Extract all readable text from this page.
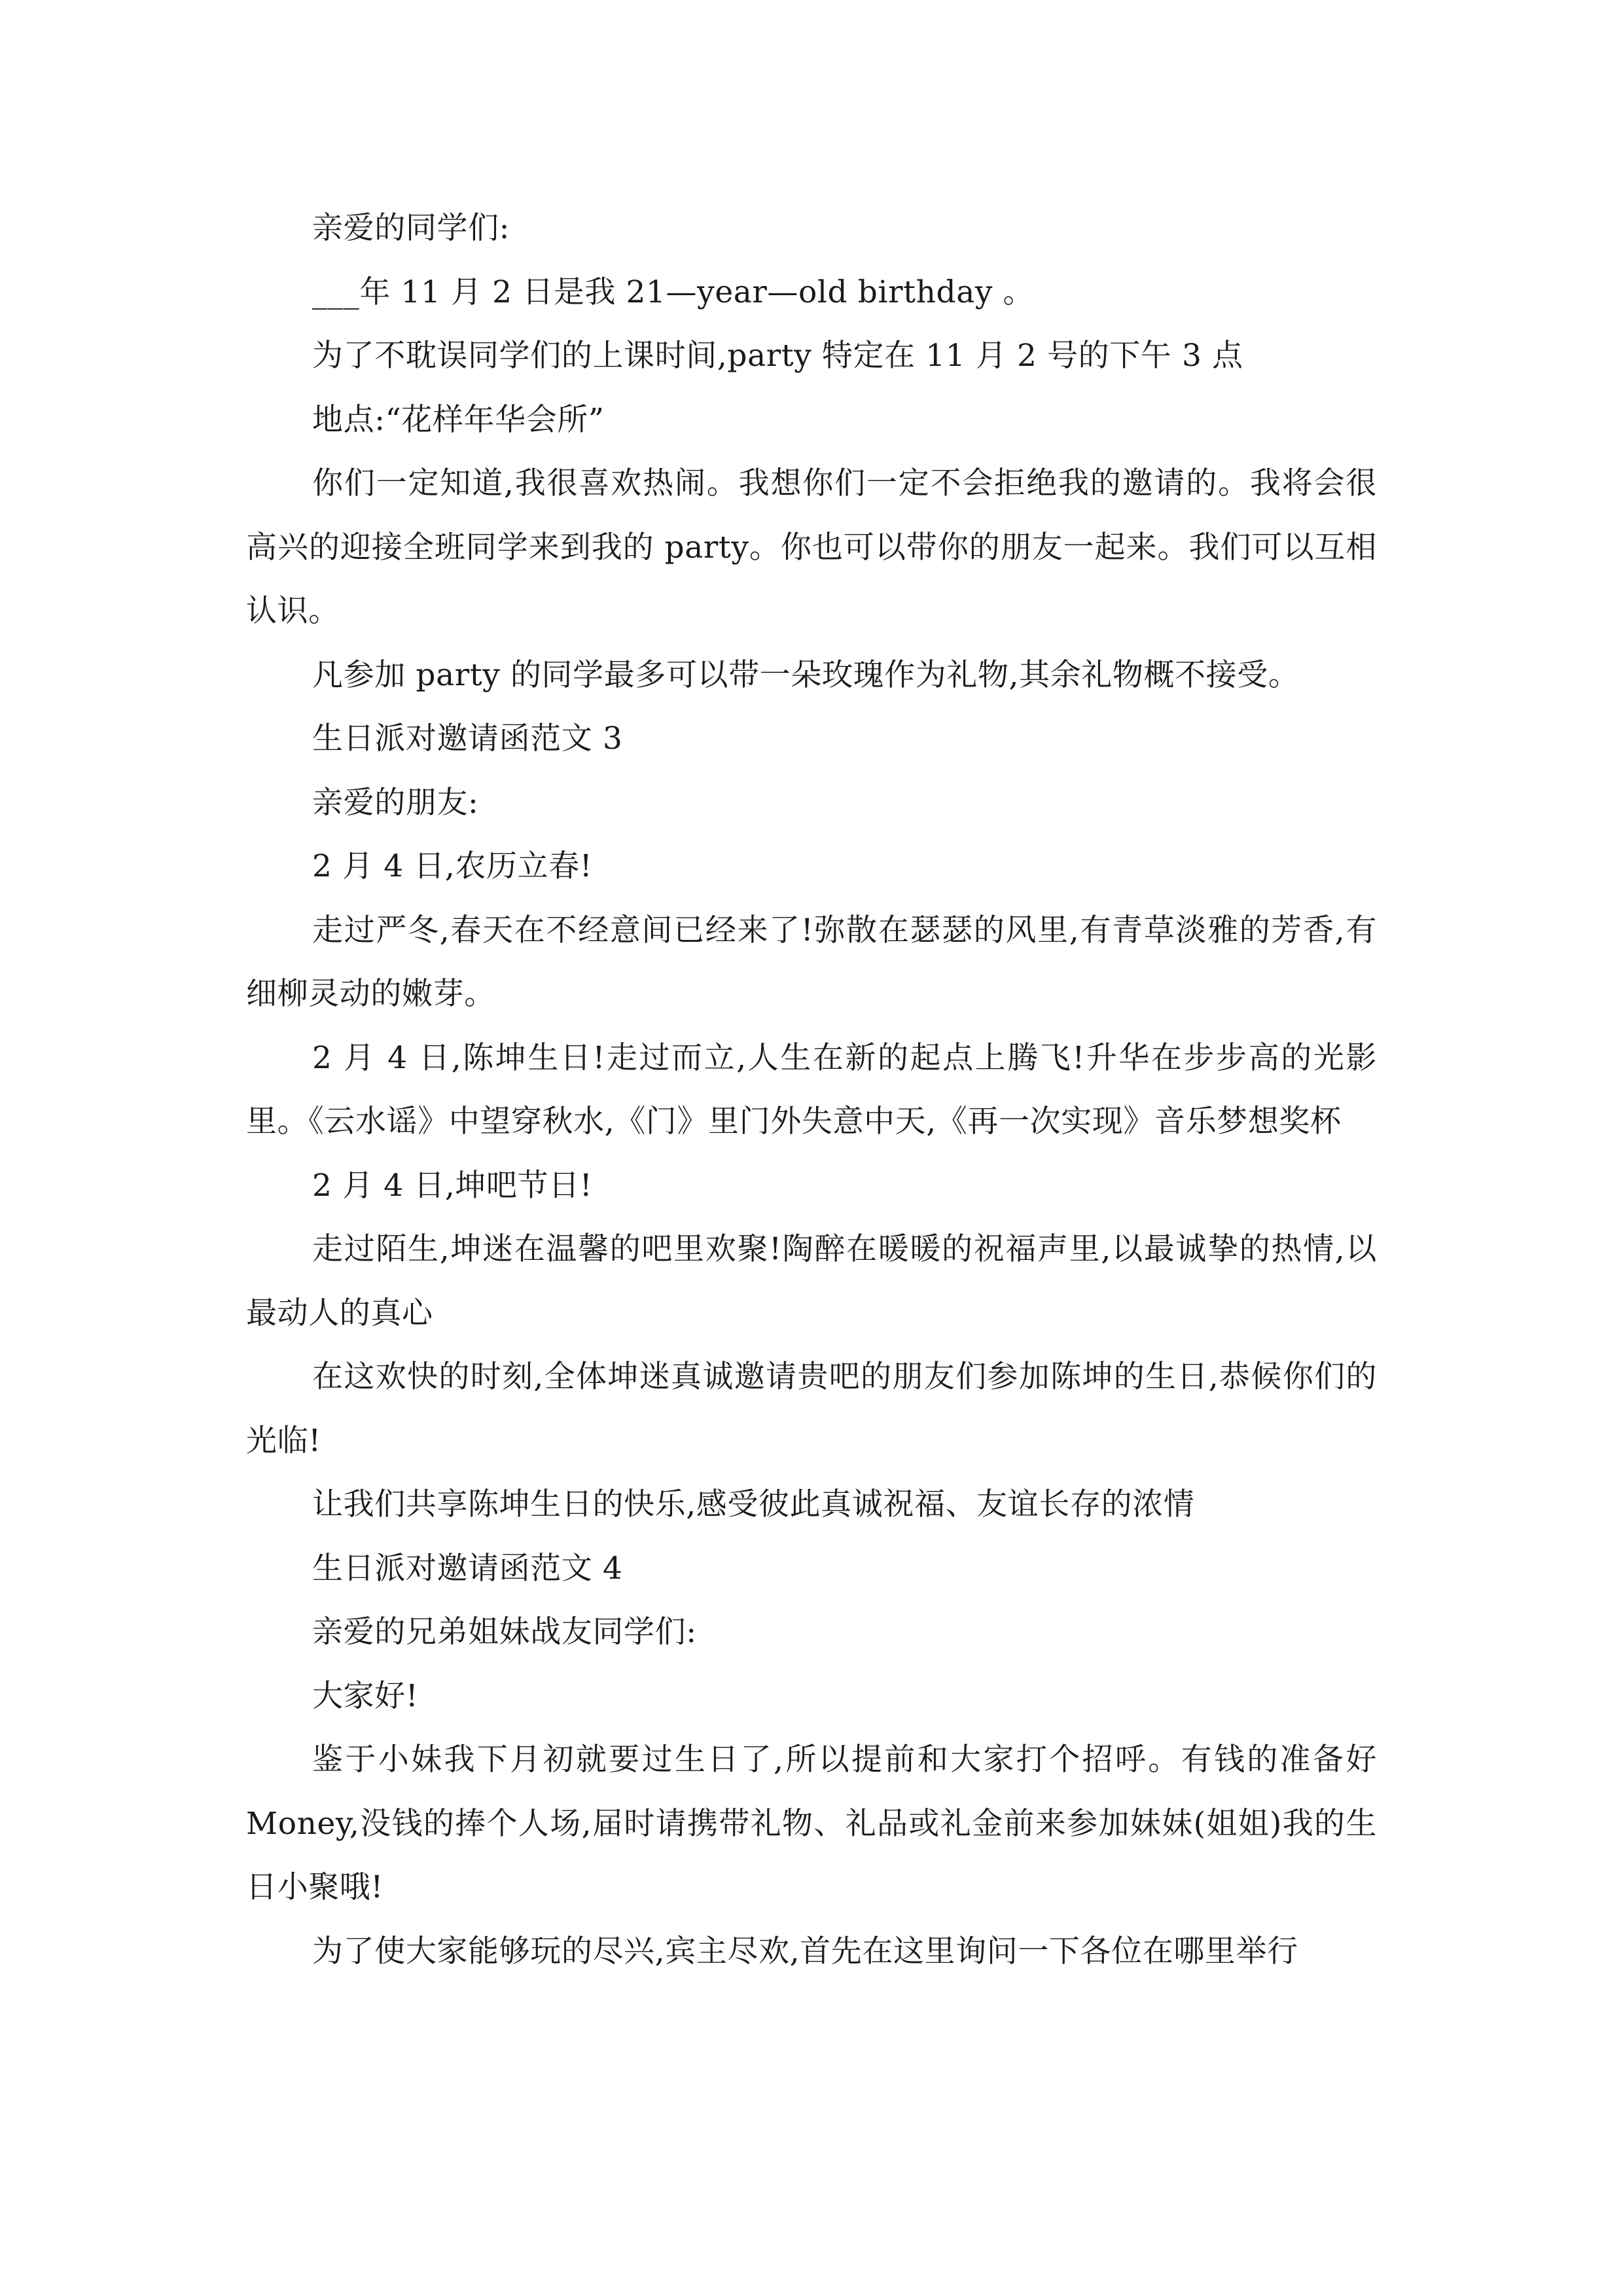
亲爱的同学们:

___年 11 月 2 日是我 21—year—old birthday 。

为了不耽误同学们的上课时间,party 特定在 11 月 2 号的下午 3 点

地点:“花样年华会所”

你们一定知道,我很喜欢热闹。我想你们一定不会拒绝我的邀请的。我将会很高兴的迎接全班同学来到我的 party。你也可以带你的朋友一起来。我们可以互相认识。

凡参加 party 的同学最多可以带一朵玫瑰作为礼物,其余礼物概不接受。

生日派对邀请函范文 3

亲爱的朋友:

2 月 4 日,农历立春!

走过严冬,春天在不经意间已经来了!弥散在瑟瑟的风里,有青草淡雅的芳香,有细柳灵动的嫩芽。

2 月 4 日,陈坤生日!走过而立,人生在新的起点上腾飞!升华在步步高的光影里。《云水谣》中望穿秋水,《门》里门外失意中天,《再一次实现》音乐梦想奖杯

2 月 4 日,坤吧节日!

走过陌生,坤迷在温馨的吧里欢聚!陶醉在暖暖的祝福声里,以最诚挚的热情,以最动人的真心

在这欢快的时刻,全体坤迷真诚邀请贵吧的朋友们参加陈坤的生日,恭候你们的光临!

让我们共享陈坤生日的快乐,感受彼此真诚祝福、友谊长存的浓情

生日派对邀请函范文 4

亲爱的兄弟姐妹战友同学们:

大家好!

鉴于小妹我下月初就要过生日了,所以提前和大家打个招呼。有钱的准备好 Money,没钱的捧个人场,届时请携带礼物、礼品或礼金前来参加妹妹(姐姐)我的生日小聚哦!

为了使大家能够玩的尽兴,宾主尽欢,首先在这里询问一下各位在哪里举行
